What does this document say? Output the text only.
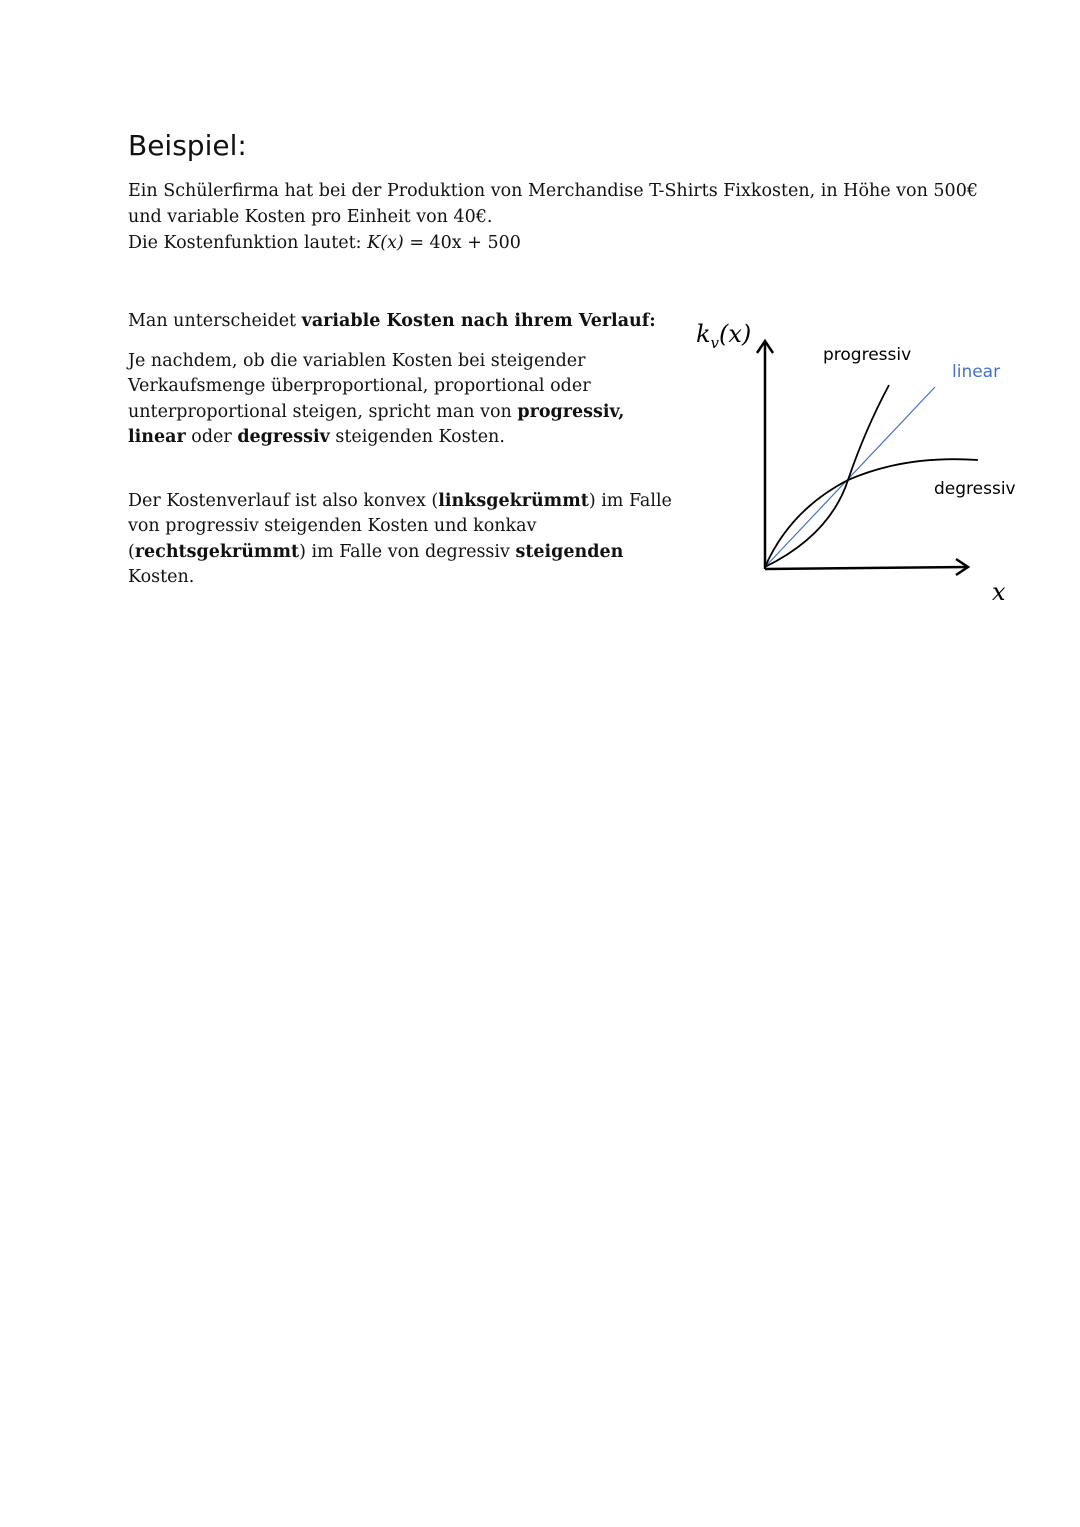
Beispiel:

Ein Schülerfirma hat bei der Produktion von Merchandise T-Shirts Fixkosten, in Höhe von 500€

und variable Kosten pro Einheit von 40€.

Die Kostenfunktion lautet: K(x) = 40x + 500

Man unterscheidet variable Kosten nach ihrem Verlauf:

Je nachdem, ob die variablen Kosten bei steigender Verkaufsmenge überproportional, proportional oder unterproportional steigen, spricht man von progressiv, linear oder degressiv steigenden Kosten.

Der Kostenverlauf ist also konvex (linksgekrümmt) im Falle von progressiv steigenden Kosten und konkav (rechtsgekrümmt) im Falle von degressiv steigenden Kosten.

$k_v(x)$
x
progressiv
linear
degressiv
